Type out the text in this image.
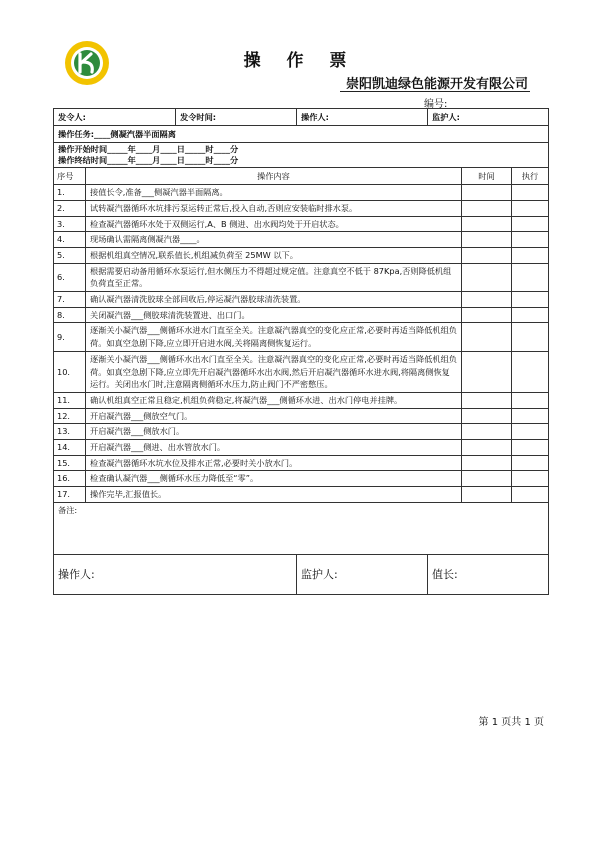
操 作 票
崇阳凯迪绿色能源开发有限公司
编号:
发令人:		发令时间:	操作人:	监护人:		
操作任务:____侧凝汽器半面隔离						

操作开始时间_____年____月____日_____时____分
操作终结时间_____年____月____日_____时____分						

序号	操作内容				时间	执行
1.	接值长令,准备___侧凝汽器半面隔离。					
2.	试转凝汽器循环水坑排污泵运转正常后,投入自动,否则应安装临时排水泵。					
3.	检查凝汽器循环水处于双侧运行,A、B 侧进、出水阀均处于开启状态。					
4.	现场确认需隔离侧凝汽器____。					
5.	根据机组真空情况,联系值长,机组减负荷至 25MW 以下。					
6.	根据需要启动备用循环水泵运行,但水侧压力不得超过规定值。注意真空不低于 87Kpa,否则降低机组负荷直至正常。					
7.	确认凝汽器清洗胶球全部回收后,停运凝汽器胶球清洗装置。					
8.	关闭凝汽器___侧胶球清洗装置进、出口门。					
9.	逐渐关小凝汽器___侧循环水进水门直至全关。注意凝汽器真空的变化应正常,必要时再适当降低机组负荷。如真空急剧下降,应立即开启进水阀,关将隔离侧恢复运行。					
10.	逐渐关小凝汽器___侧循环水出水门直至全关。注意凝汽器真空的变化应正常,必要时再适当降低机组负荷。如真空急剧下降,应立即先开启凝汽器循环水出水阀,然后开启凝汽器循环水进水阀,将隔离侧恢复运行。关闭出水门时,注意隔离侧循环水压力,防止阀门不严密憋压。					
11.	确认机组真空正常且稳定,机组负荷稳定,将凝汽器___侧循环水进、出水门停电并挂牌。					
12.	开启凝汽器___侧放空气门。					
13.	开启凝汽器___侧放水门。					
14.	开启凝汽器___侧进、出水管放水门。					
15.	检查凝汽器循环水坑水位及排水正常,必要时关小放水门。					
16.	检查确认凝汽器___侧循环水压力降低至“零”。					
17.	操作完毕,汇报值长。					
备注:						
操作人:			监护人:	值长:		
第 1 页共 1 页
